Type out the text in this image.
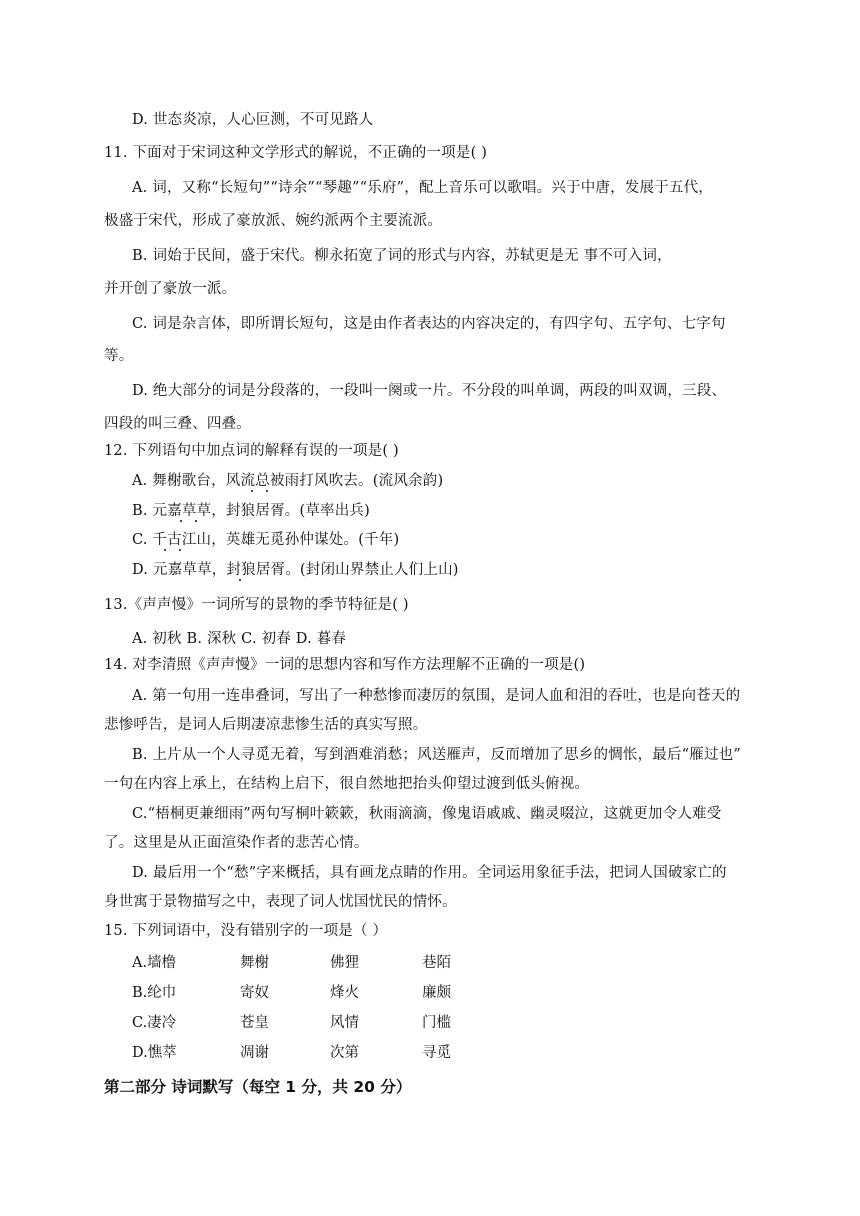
D. 世态炎凉，人心叵测，不可见路人
11. 下面对于宋词这种文学形式的解说，不正确的一项是( )
A. 词，又称“长短句”“诗余”“琴趣”“乐府”，配上音乐可以歌唱。兴于中唐，发展于五代，
极盛于宋代，形成了豪放派、婉约派两个主要流派。
B. 词始于民间，盛于宋代。柳永拓宽了词的形式与内容，苏轼更是无 事不可入词，
并开创了豪放一派。
C. 词是杂言体，即所谓长短句，这是由作者表达的内容决定的，有四字句、五字句、七字句
等。
D. 绝大部分的词是分段落的，一段叫一阕或一片。不分段的叫单调，两段的叫双调，三段、
四段的叫三叠、四叠。
12. 下列语句中加点词的解释有误的一项是( )
A. 舞榭歌台，风流总被雨打风吹去。(流风余韵)
B. 元嘉草草，封狼居胥。(草率出兵)
C. 千古江山，英雄无觅孙仲谋处。(千年)
D. 元嘉草草，封狼居胥。(封闭山界禁止人们上山)
13.《声声慢》一词所写的景物的季节特征是( )
A. 初秋 B. 深秋 C. 初春 D. 暮春
14. 对李清照《声声慢》一词的思想内容和写作方法理解不正确的一项是()
A. 第一句用一连串叠词，写出了一种愁惨而凄厉的氛围，是词人血和泪的吞吐，也是向苍天的
悲惨呼告，是词人后期凄凉悲惨生活的真实写照。
B. 上片从一个人寻觅无着，写到酒难消愁；风送雁声，反而增加了思乡的惆怅，最后“雁过也”
一句在内容上承上，在结构上启下，很自然地把抬头仰望过渡到低头俯视。
C.“梧桐更兼细雨”两句写桐叶簌簌，秋雨滴滴，像鬼语戚戚、幽灵啜泣，这就更加令人难受
了。这里是从正面渲染作者的悲苦心情。
D. 最后用一个“愁”字来概括，具有画龙点睛的作用。全词运用象征手法，把词人国破家亡的
身世寓于景物描写之中，表现了词人忧国忧民的情怀。
15. 下列词语中，没有错别字的一项是（ ）
A.墙橹	舞榭	佛狸	巷陌
B.纶巾	寄奴	烽火	廉颇
C.凄冷	苍皇	风情	门槛
D.憔萃	凋谢	次第	寻觅
第二部分 诗词默写（每空 1 分，共 20 分）
